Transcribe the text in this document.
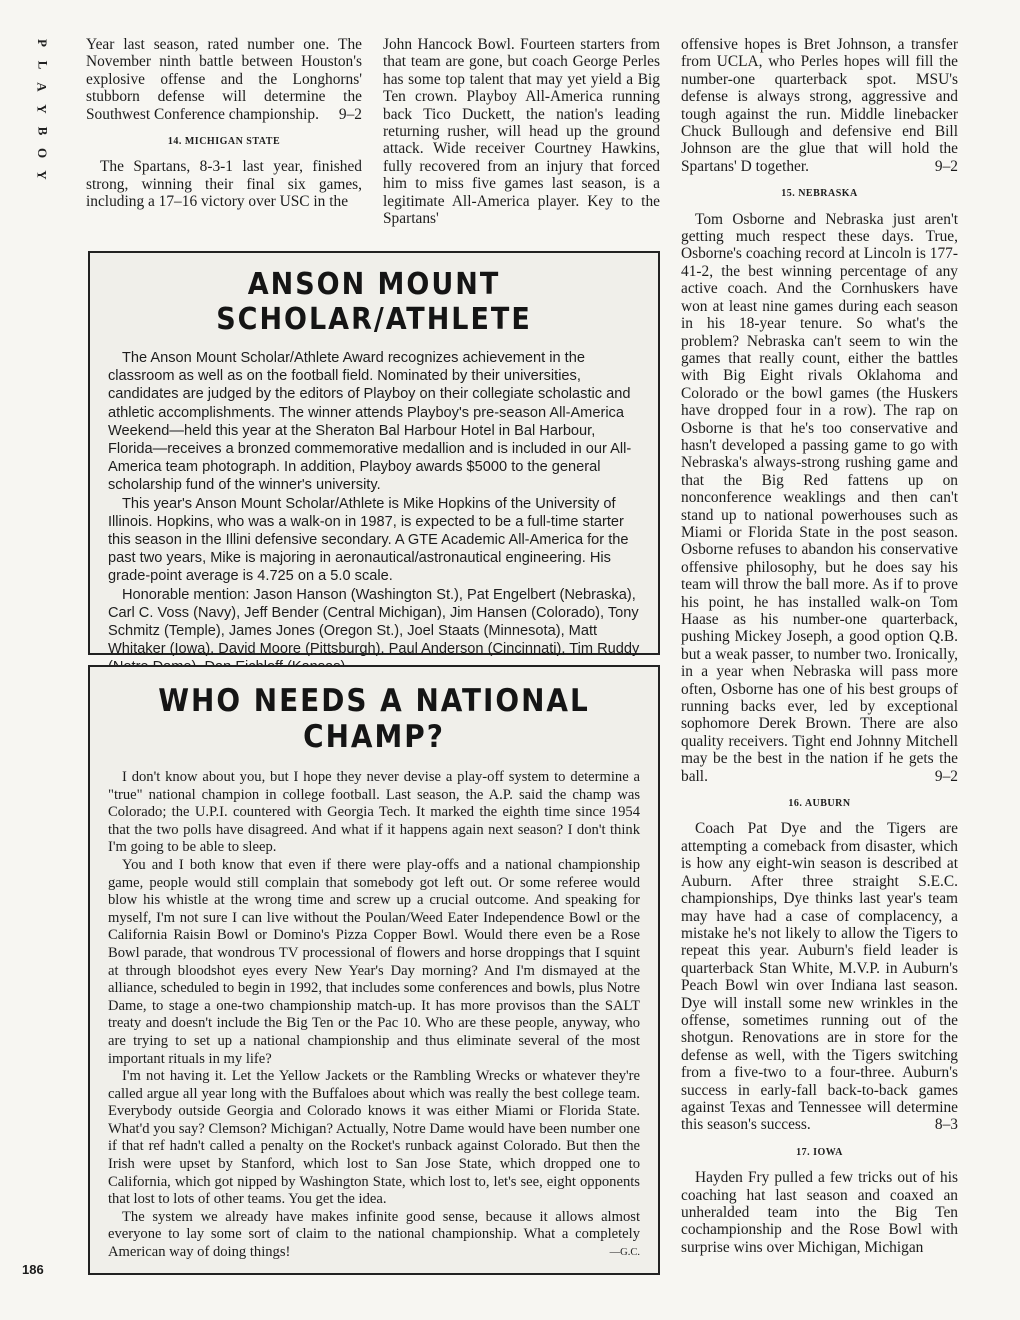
P
L
A
Y
B
O
Y
186

Year last season, rated number one. The November ninth battle between Houston's explosive offense and the Longhorns' stubborn defense will determine the Southwest Conference championship. 9–2

14. MICHIGAN STATE

The Spartans, 8-3-1 last year, finished strong, winning their final six games, including a 17–16 victory over USC in the

John Hancock Bowl. Fourteen starters from that team are gone, but coach George Perles has some top talent that may yet yield a Big Ten crown. Playboy All-America running back Tico Duckett, the nation's leading returning rusher, will head up the ground attack. Wide receiver Courtney Hawkins, fully recovered from an injury that forced him to miss five games last season, is a legitimate All-America player. Key to the Spartans'

offensive hopes is Bret Johnson, a transfer from UCLA, who Perles hopes will fill the number-one quarterback spot. MSU's defense is always strong, aggressive and tough against the run. Middle linebacker Chuck Bullough and defensive end Bill Johnson are the glue that will hold the Spartans' D together.	9–2

15. NEBRASKA

Tom Osborne and Nebraska just aren't getting much respect these days. True, Osborne's coaching record at Lincoln is 177-41-2, the best winning percentage of any active coach. And the Cornhuskers have won at least nine games during each season in his 18-year tenure. So what's the problem? Nebraska can't seem to win the games that really count, either the battles with Big Eight rivals Oklahoma and Colorado or the bowl games (the Huskers have dropped four in a row). The rap on Osborne is that he's too conservative and hasn't developed a passing game to go with Nebraska's always-strong rushing game and that the Big Red fattens up on nonconference weaklings and then can't stand up to national powerhouses such as Miami or Florida State in the post season. Osborne refuses to abandon his conservative offensive philosophy, but he does say his team will throw the ball more. As if to prove his point, he has installed walk-on Tom Haase as his number-one quarterback, pushing Mickey Joseph, a good option Q.B. but a weak passer, to number two. Ironically, in a year when Nebraska will pass more often, Osborne has one of his best groups of running backs ever, led by exceptional sophomore Derek Brown. There are also quality receivers. Tight end Johnny Mitchell may be the best in the nation if he gets the ball.	9–2

16. AUBURN

Coach Pat Dye and the Tigers are attempting a comeback from disaster, which is how any eight-win season is described at Auburn. After three straight S.E.C. championships, Dye thinks last year's team may have had a case of complacency, a mistake he's not likely to allow the Tigers to repeat this year. Auburn's field leader is quarterback Stan White, M.V.P. in Auburn's Peach Bowl win over Indiana last season. Dye will install some new wrinkles in the offense, sometimes running out of the shotgun. Renovations are in store for the defense as well, with the Tigers switching from a five-two to a four-three. Auburn's success in early-fall back-to-back games against Texas and Tennessee will determine this season's success.	8–3

17. IOWA

Hayden Fry pulled a few tricks out of his coaching hat last season and coaxed an unheralded team into the Big Ten cochampionship and the Rose Bowl with surprise wins over Michigan, Michigan

ANSON MOUNT SCHOLAR/ATHLETE

The Anson Mount Scholar/Athlete Award recognizes achievement in the classroom as well as on the football field. Nominated by their universities, candidates are judged by the editors of Playboy on their collegiate scholastic and athletic accomplishments. The winner attends Playboy's pre-season All-America Weekend—held this year at the Sheraton Bal Harbour Hotel in Bal Harbour, Florida—receives a bronzed commemorative medallion and is included in our All-America team photograph. In addition, Playboy awards $5000 to the general scholarship fund of the winner's university.

This year's Anson Mount Scholar/Athlete is Mike Hopkins of the University of Illinois. Hopkins, who was a walk-on in 1987, is expected to be a full-time starter this season in the Illini defensive secondary. A GTE Academic All-America for the past two years, Mike is majoring in aeronautical/astronautical engineering. His grade-point average is 4.725 on a 5.0 scale.

Honorable mention: Jason Hanson (Washington St.), Pat Engelbert (Nebraska), Carl C. Voss (Navy), Jeff Bender (Central Michigan), Jim Hansen (Colorado), Tony Schmitz (Temple), James Jones (Oregon St.), Joel Staats (Minnesota), Matt Whitaker (Iowa), David Moore (Pittsburgh), Paul Anderson (Cincinnati), Tim Ruddy

WHO NEEDS A NATIONAL CHAMP?

I don't know about you, but I hope they never devise a play-off system to determine a "true" national champion in college football. Last season, the A.P. said the champ was Colorado; the U.P.I. countered with Georgia Tech. It marked the eighth time since 1954 that the two polls have disagreed. And what if it happens again next season? I don't think I'm going to be able to sleep.

You and I both know that even if there were play-offs and a national championship game, people would still complain that somebody got left out. Or some referee would blow his whistle at the wrong time and screw up a crucial outcome. And speaking for myself, I'm not sure I can live without the Poulan/Weed Eater Independence Bowl or the California Raisin Bowl or Domino's Pizza Copper Bowl. Would there even be a Rose Bowl parade, that wondrous TV processional of flowers and horse droppings that I squint at through bloodshot eyes every New Year's Day morning? And I'm dismayed at the alliance, scheduled to begin in 1992, that includes some conferences and bowls, plus Notre Dame, to stage a one-two championship match-up. It has more provisos than the SALT treaty and doesn't include the Big Ten or the Pac 10. Who are these people, anyway, who are trying to set up a national championship and thus eliminate several of the most important rituals in my life?

I'm not having it. Let the Yellow Jackets or the Rambling Wrecks or whatever they're called argue all year long with the Buffaloes about which was really the best college team. Everybody outside Georgia and Colorado knows it was either Miami or Florida State. What'd you say? Clemson? Michigan? Actually, Notre Dame would have been number one if that ref hadn't called a penalty on the Rocket's runback against Colorado. But then the Irish were upset by Stanford, which lost to San Jose State, which dropped one to California, which got nipped by Washington State, which lost to, let's see, eight opponents that lost to lots of other teams. You get the idea.

The system we already have makes infinite good sense, because it allows almost everyone to lay some sort of claim to the national championship. What a completely American way of doing things!	—G.C.
